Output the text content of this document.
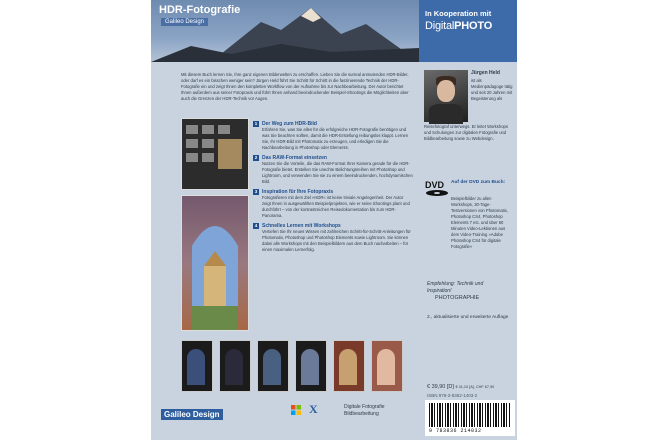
HDR-Fotografie
Galileo Design
In Kooperation mit
DigitalPHOTO
Mit diesem Buch lernen Sie, Ihre ganz eigenen Bilderwelten zu erschaffen. Lieben Sie die surreal anmutenden HDR-Bilder, oder darf es ein bisschen weniger sein? Jürgen Held führt Sie Schritt für Schritt in die faszinierende Technik der HDR-Fotografie ein und zeigt Ihnen den kompletten Workflow von der Aufnahme bis zur Nachbearbeitung. Der Autor berichtet Ihnen außerdem aus seiner Fotopraxis und führt Ihnen anhand beeindruckender Beispiel-Shootings die Möglichkeiten aber auch die Grenzen der HDR-Technik vor Augen.
Jürgen Held
ist als Medienpädagoge tätig und seit 20 Jahren mit Begeisterung als
Reisefotograf unterwegs. Er leitet Workshops und Schulungen zur digitalen Fotografie und Bildbearbeitung sowie zu Webdesign.
1 Der Weg zum HDR-Bild
Erfahren Sie, was Sie alles für die erfolgreiche HDR-Fotografie benötigen und was Sie beachten sollten, damit die HDR-Erstellung reibungslos klappt. Lernen Sie, Ihr HDR-Bild mit Photomatix zu erzeugen, und erledigen Sie die Nachbearbeitung in Photoshop oder Elements.
2 Das RAW-Format einsetzen
Nutzen Sie die Vorteile, die das RAW-Format Ihrer Kamera gerade für die HDR-Fotografie bietet. Erstellen Sie unechte Belichtungsreihen mit Photoshop und Lightroom, und verwenden Sie sie zu einem beeindruckenden, hochdynamischen Bild.
3 Inspiration für Ihre Fotopraxis
Fotografieren mit dem Ziel »HDR« ist keine triviale Angelegenheit. Der Autor zeigt Ihnen in ausgewählten Beispielprojekten, wie er seine Shootings plant und durchführt – von der kontrastreichen Reisedokumentation bis zum HDR-Panorama.
4 Schnelles Lernen mit Workshops
Vertiefen Sie Ihr neues Wissen mit zahlreichen Schritt-für-Schritt-Anleitungen für Photomatix, Photoshop und Photoshop Elements sowie Lightroom. Sie können dabei alle Workshops mit den Beispielbildern aus dem Buch nacharbeiten – für einen maximalen Lernerfolg.
DVD Auf der DVD zum Buch:
Beispielbilder zu allen Workshops, 30-Tage-Testversionen von Photomatix, Photoshop CS4, Photoshop Elements 7 etc. und über 60 Minuten Video-Lektionen aus dem Video-Training »Adobe Photoshop CS4 für digitale Fotografie«
Empfehlung: Technik und Inspiration!
PHOTOGRAPHIE
2., aktualisierte und erweiterte Auflage
€ 39,90 [D] € 41,10 [A], CHF 67,90
ISBN 978-3-8362-1403-2
9 783836 214032
Galileo Design	X	Digitale Fotografie
Bildbearbeitung
